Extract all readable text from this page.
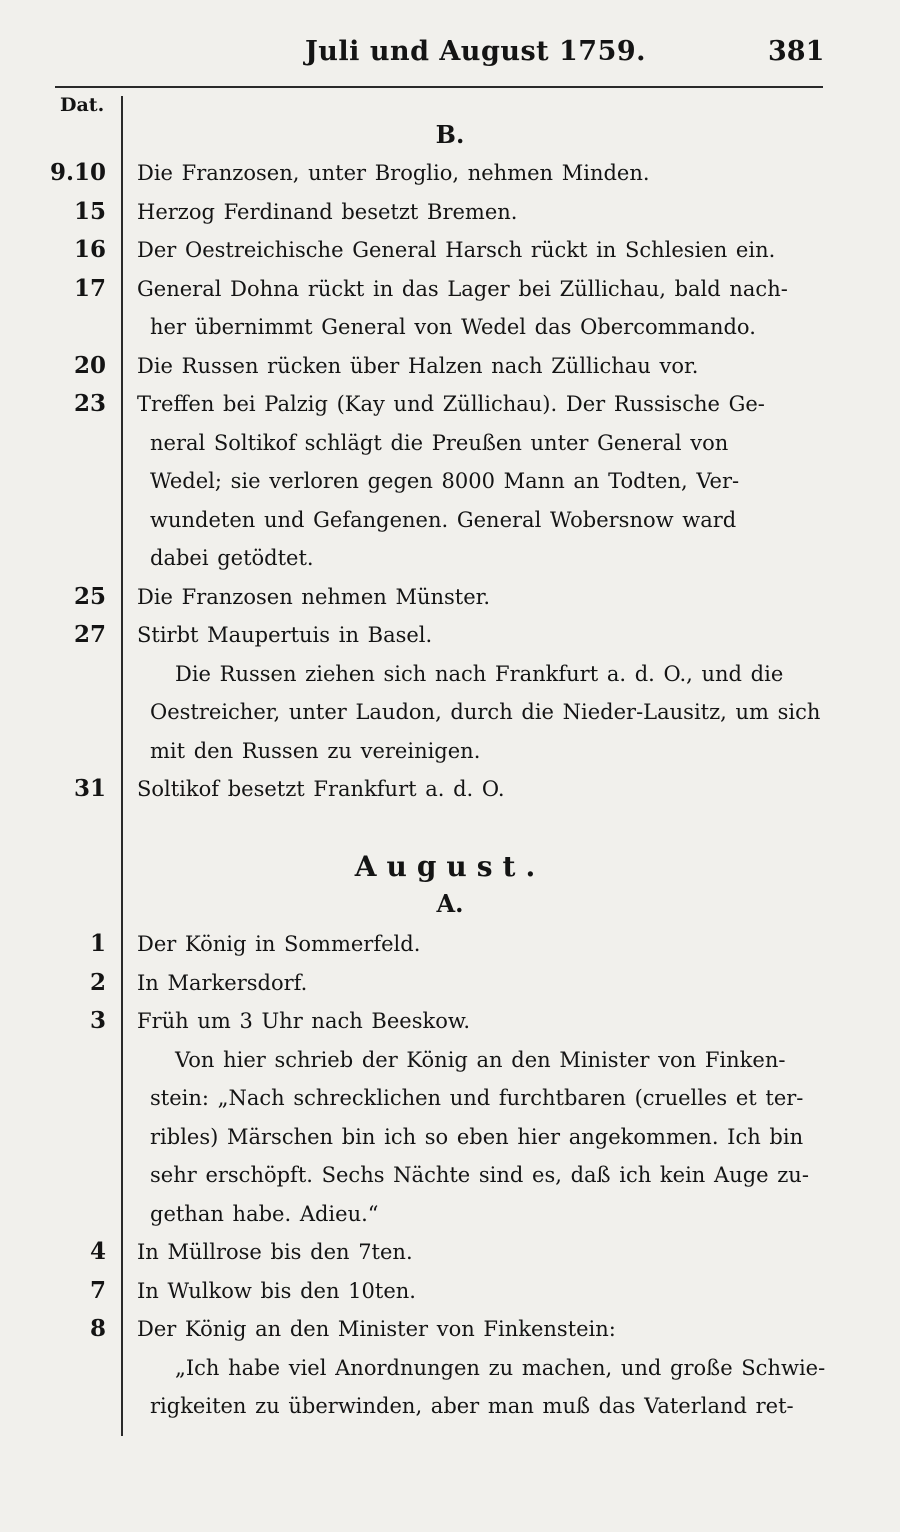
Juli und August 1759.	381
Dat.
B.
9.10 Die Franzosen, unter Broglio, nehmen Minden.
15 Herzog Ferdinand besetzt Bremen.
16 Der Oestreichische General Harsch rückt in Schlesien ein.
17 General Dohna rückt in das Lager bei Züllichau, bald nach-
her übernimmt General von Wedel das Obercommando.
20 Die Russen rücken über Halzen nach Züllichau vor.
23 Treffen bei Palzig (Kay und Züllichau). Der Russische Ge-
neral Soltikof schlägt die Preußen unter General von
Wedel; sie verloren gegen 8000 Mann an Todten, Ver-
wundeten und Gefangenen. General Wobersnow ward
dabei getödtet.
25 Die Franzosen nehmen Münster.
27 Stirbt Maupertuis in Basel.
Die Russen ziehen sich nach Frankfurt a. d. O., und die
Oestreicher, unter Laudon, durch die Nieder-Lausitz, um sich
mit den Russen zu vereinigen.
31 Soltikof besetzt Frankfurt a. d. O.
August.
A.
1 Der König in Sommerfeld.
2 In Markersdorf.
3 Früh um 3 Uhr nach Beeskow.
Von hier schrieb der König an den Minister von Finken-
stein: „Nach schrecklichen und furchtbaren (cruelles et ter-
ribles) Märschen bin ich so eben hier angekommen. Ich bin
sehr erschöpft. Sechs Nächte sind es, daß ich kein Auge zu-
gethan habe. Adieu.“
4 In Müllrose bis den 7ten.
7 In Wulkow bis den 10ten.
8 Der König an den Minister von Finkenstein:
„Ich habe viel Anordnungen zu machen, und große Schwie-
rigkeiten zu überwinden, aber man muß das Vaterland ret-
